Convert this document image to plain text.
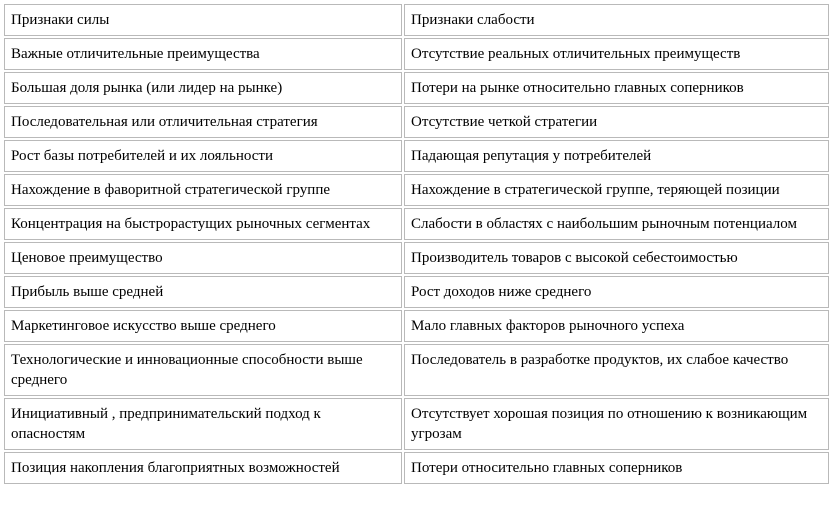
Признаки силы	Признаки слабости
Важные отличительные преимущества	Отсутствие реальных отличительных преимуществ
Большая доля рынка (или лидер на рынке)	Потери на рынке относительно главных соперников
Последовательная или отличительная стратегия	Отсутствие четкой стратегии
Рост базы потребителей и их лояльности	Падающая репутация у потребителей
Нахождение в фаворитной стратегической группе	Нахождение в стратегической группе, теряющей позиции
Концентрация на быстрорастущих рыночных сегментах	Слабости в областях с наибольшим рыночным потенциалом
Ценовое преимущество	Производитель товаров с высокой себестоимостью
Прибыль выше средней	Рост доходов ниже среднего
Маркетинговое искусство выше среднего	Мало главных факторов рыночного успеха
Технологические и инновационные способности выше среднего	Последователь в разработке продуктов, их слабое качество
Инициативный , предпринимательский подход к опасностям	Отсутствует хорошая позиция по отношению к возникающим угрозам
Позиция накопления благоприятных возможностей	Потери относительно главных соперников
